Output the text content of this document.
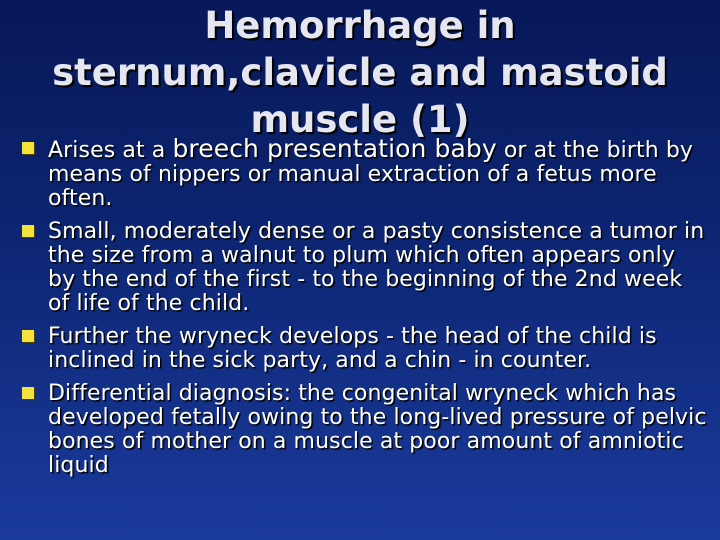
Hemorrhage in sternum,clavicle and mastoid muscle (1)
Arises at a breech presentation baby or at the birth by means of nippers or manual extraction of a fetus more often.
Small, moderately dense or a pasty consistence a tumor in the size from a walnut to plum which often appears only by the end of the first - to the beginning of the 2nd week of life of the child.
Further the wryneck develops - the head of the child is inclined in the sick party, and a chin - in counter.
Differential diagnosis: the congenital wryneck which has developed fetally owing to the long-lived pressure of pelvic bones of mother on a muscle at poor amount of amniotic liquid
